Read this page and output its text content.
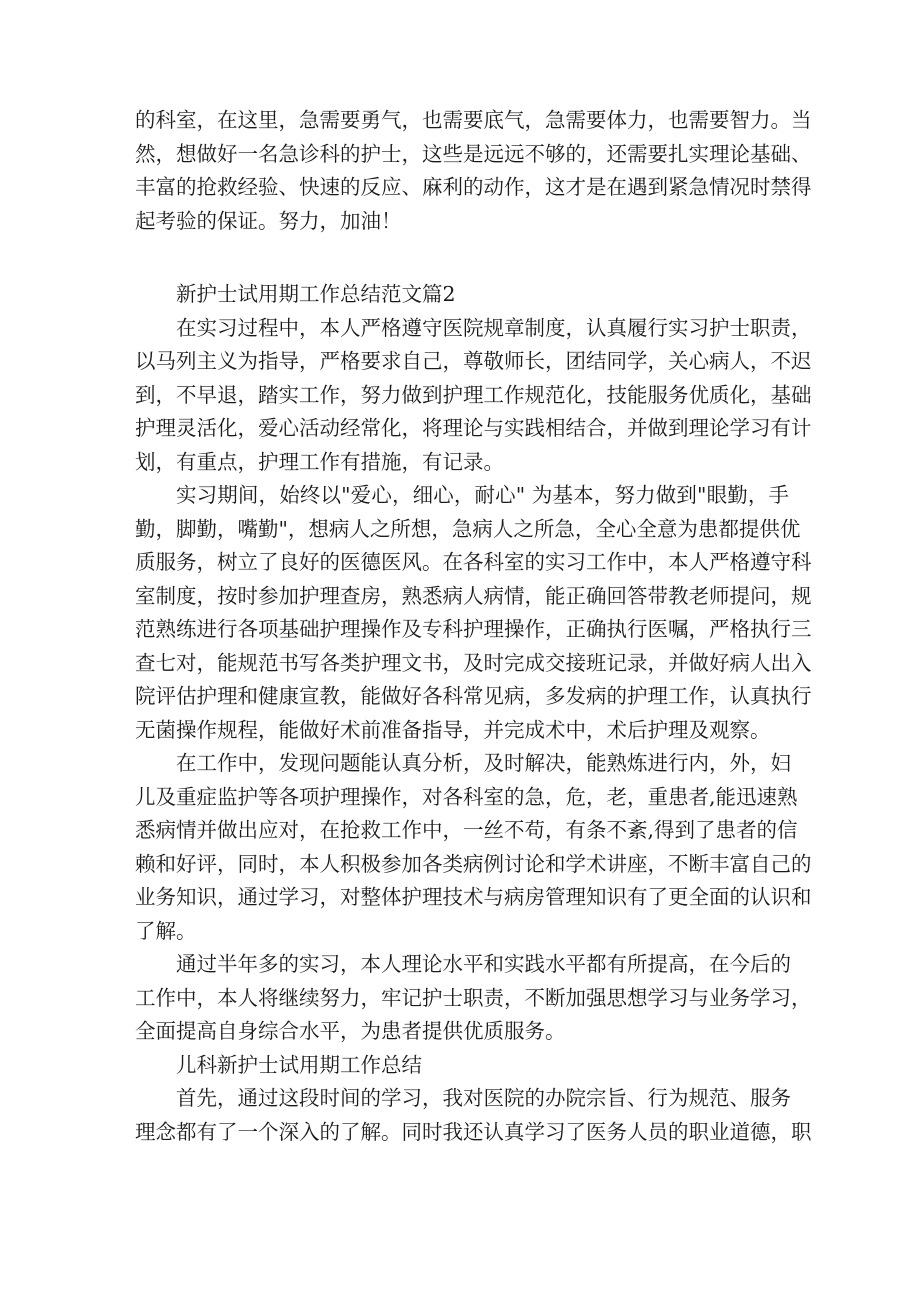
的科室，在这里，急需要勇气，也需要底气，急需要体力，也需要智力。当
然，想做好一名急诊科的护士，这些是远远不够的，还需要扎实理论基础、
丰富的抢救经验、快速的反应、麻利的动作，这才是在遇到紧急情况时禁得
起考验的保证。努力，加油！
新护士试用期工作总结范文篇2
在实习过程中，本人严格遵守医院规章制度，认真履行实习护士职责，
以马列主义为指导，严格要求自己，尊敬师长，团结同学，关心病人，不迟
到，不早退，踏实工作，努力做到护理工作规范化，技能服务优质化，基础
护理灵活化，爱心活动经常化，将理论与实践相结合，并做到理论学习有计
划，有重点，护理工作有措施，有记录。
实习期间，始终以"爱心，细心，耐心" 为基本，努力做到"眼勤，手
勤，脚勤，嘴勤"，想病人之所想，急病人之所急，全心全意为患都提供优
质服务，树立了良好的医德医风。在各科室的实习工作中，本人严格遵守科
室制度，按时参加护理查房，熟悉病人病情，能正确回答带教老师提问，规
范熟练进行各项基础护理操作及专科护理操作，正确执行医嘱，严格执行三
查七对，能规范书写各类护理文书，及时完成交接班记录，并做好病人出入
院评估护理和健康宣教，能做好各科常见病，多发病的护理工作，认真执行
无菌操作规程，能做好术前准备指导，并完成术中，术后护理及观察。
在工作中，发现问题能认真分析，及时解决，能熟炼进行内，外，妇
儿及重症监护等各项护理操作，对各科室的急，危，老，重患者,能迅速熟
悉病情并做出应对，在抢救工作中，一丝不苟，有条不紊,得到了患者的信
赖和好评，同时，本人积极参加各类病例讨论和学术讲座，不断丰富自己的
业务知识，通过学习，对整体护理技术与病房管理知识有了更全面的认识和
了解。
通过半年多的实习，本人理论水平和实践水平都有所提高，在今后的
工作中，本人将继续努力，牢记护士职责，不断加强思想学习与业务学习，
全面提高自身综合水平，为患者提供优质服务。
儿科新护士试用期工作总结
首先，通过这段时间的学习，我对医院的办院宗旨、行为规范、服务
理念都有了一个深入的了解。同时我还认真学习了医务人员的职业道德，职
